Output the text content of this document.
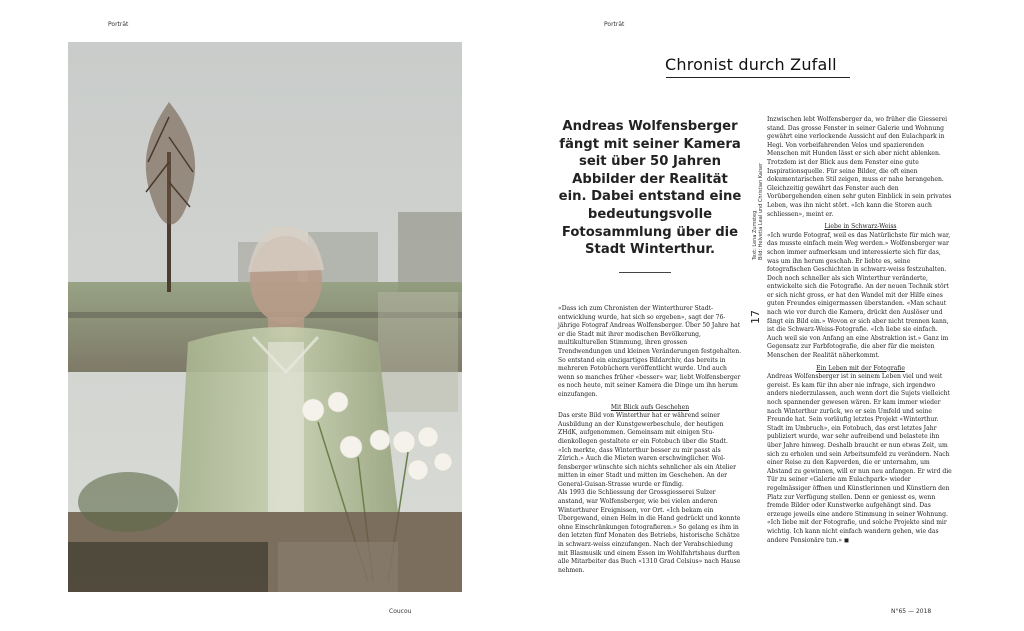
Porträt	Porträt
Coucou	N°65 — 2018
Chronist durch Zufall
Andreas Wolfensberger fängt mit seiner Kamera seit über 50 Jahren Abbilder der Realität ein. Dabei entstand eine bedeutungsvolle Fotosammlung über die Stadt Winterthur.	Text: Lena Zumsteg Bild: Helvetia Leal und Christian Kaiser
17

«Dass ich zum Chronisten der Winterthurer Stadtentwicklung wurde, hat sich so ergeben», sagt der 76-jährige Fotograf Andreas Wolfensberger. Über 50 Jahre hat er die Stadt mit ihrer modischen Bevölkerung, multikulturellen Stimmung, ihren grossen Trendwendungen und kleinen Veränderungen festgehalten. So entstand ein einzigartiges Bildarchiv, das bereits in mehreren Fotobüchern veröffentlicht wurde. Und auch wenn so manches früher «besser» war, liebt Wolfensberger es noch heute, mit seiner Kamera die Dinge um ihn herum einzufangen.

Mit Blick aufs Geschehen

Das erste Bild von Winterthur hat er während seiner Ausbildung an der Kunstgewerbeschule, der heutigen ZHdK, aufgenommen. Gemeinsam mit einigen Studienkollegen gestaltete er ein Fotobuch über die Stadt. «Ich merkte, dass Winterthur besser zu mir passt als Zürich.» Auch die Mieten waren erschwinglicher. Wolfensberger wünschte sich nichts sehnlicher als ein Atelier mitten in einer Stadt und mitten im Geschehen. An der General-Guisan-Strasse wurde er fündig.

Als 1993 die Schliessung der Grossgiesserei Sulzer anstand, war Wolfensberger, wie bei vielen anderen Winterthurer Ereignissen, vor Ort. «Ich bekam ein Übergewand, einen Helm in die Hand gedrückt und konnte ohne Einschränkungen fotografieren.» So gelang es ihm in den letzten fünf Monaten des Betriebs, historische Schätze in schwarz-weiss einzufangen. Nach der Verabschiedung mit Blasmusik und einem Essen im Wohlfahrtshaus durften alle Mitarbeiter das Buch «1310 Grad Celsius» nach Hause nehmen.

Inzwischen lebt Wolfensberger da, wo früher die Giesserei stand. Das grosse Fenster in seiner Galerie und Wohnung gewährt eine verlockende Aussicht auf den Eulachpark in Hegi. Von vorbeifahrenden Velos und spazierenden Menschen mit Hunden lässt er sich aber nicht ablenken. Trotzdem ist der Blick aus dem Fenster eine gute Inspirationsquelle. Für seine Bilder, die oft einen dokumentarischen Stil zeigen, muss er nahe herangehen. Gleichzeitig gewährt das Fenster auch den Vorübergehenden einen sehr guten Einblick in sein privates Leben, was ihn nicht stört. «Ich kann die Storen auch schliessen», meint er.

Liebe in Schwarz-Weiss

«Ich wurde Fotograf, weil es das Natürlichste für mich war, das musste einfach mein Weg werden.» Wolfensberger war schon immer aufmerksam und interessierte sich für das, was um ihn herum geschah. Er liebte es, seine fotografischen Geschichten in schwarz-weiss festzuhalten. Doch noch schneller als sich Winterthur veränderte, entwickelte sich die Fotografie. An der neuen Technik stört er sich nicht gross, er hat den Wandel mit der Hilfe eines guten Freundes einigermassen überstanden. «Man schaut nach wie vor durch die Kamera, drückt den Auslöser und fängt ein Bild ein.» Wovon er sich aber nicht trennen kann, ist die Schwarz-Weiss-Fotografie. «Ich liebe sie einfach. Auch weil sie von Anfang an eine Abstraktion ist.» Ganz im Gegensatz zur Farbfotografie, die aber für die meisten Menschen der Realität näherkommt.

Ein Leben mit der Fotografie

Andreas Wolfensberger ist in seinem Leben viel und weit gereist. Es kam für ihn aber nie infrage, sich irgendwo anders niederzulassen, auch wenn dort die Sujets vielleicht noch spannender gewesen wären. Er kam immer wieder nach Winterthur zurück, wo er sein Umfeld und seine Freunde hat. Sein vorläufig letztes Projekt «Winterthur. Stadt im Umbruch», ein Fotobuch, das erst letztes Jahr publiziert wurde, war sehr aufreibend und belastete ihn über Jahre hinweg. Deshalb braucht er nun etwas Zeit, um sich zu erholen und sein Arbeitsumfeld zu verändern. Nach einer Reise zu den Kapverden, die er unternahm, um Abstand zu gewinnen, will er nun neu anfangen. Er wird die Tür zu seiner «Galerie am Eulachpark» wieder regelmässiger öffnen und Künstlerinnen und Künstlern den Platz zur Verfügung stellen. Denn er geniesst es, wenn fremde Bilder oder Kunstwerke aufgehängt sind. Das erzeuge jeweils eine andere Stimmung in seiner Wohnung. «Ich liebe mit der Fotografie, und solche Projekte sind mir wichtig. Ich kann nicht einfach wandern gehen, wie das andere Pensionäre tun.» ◼
